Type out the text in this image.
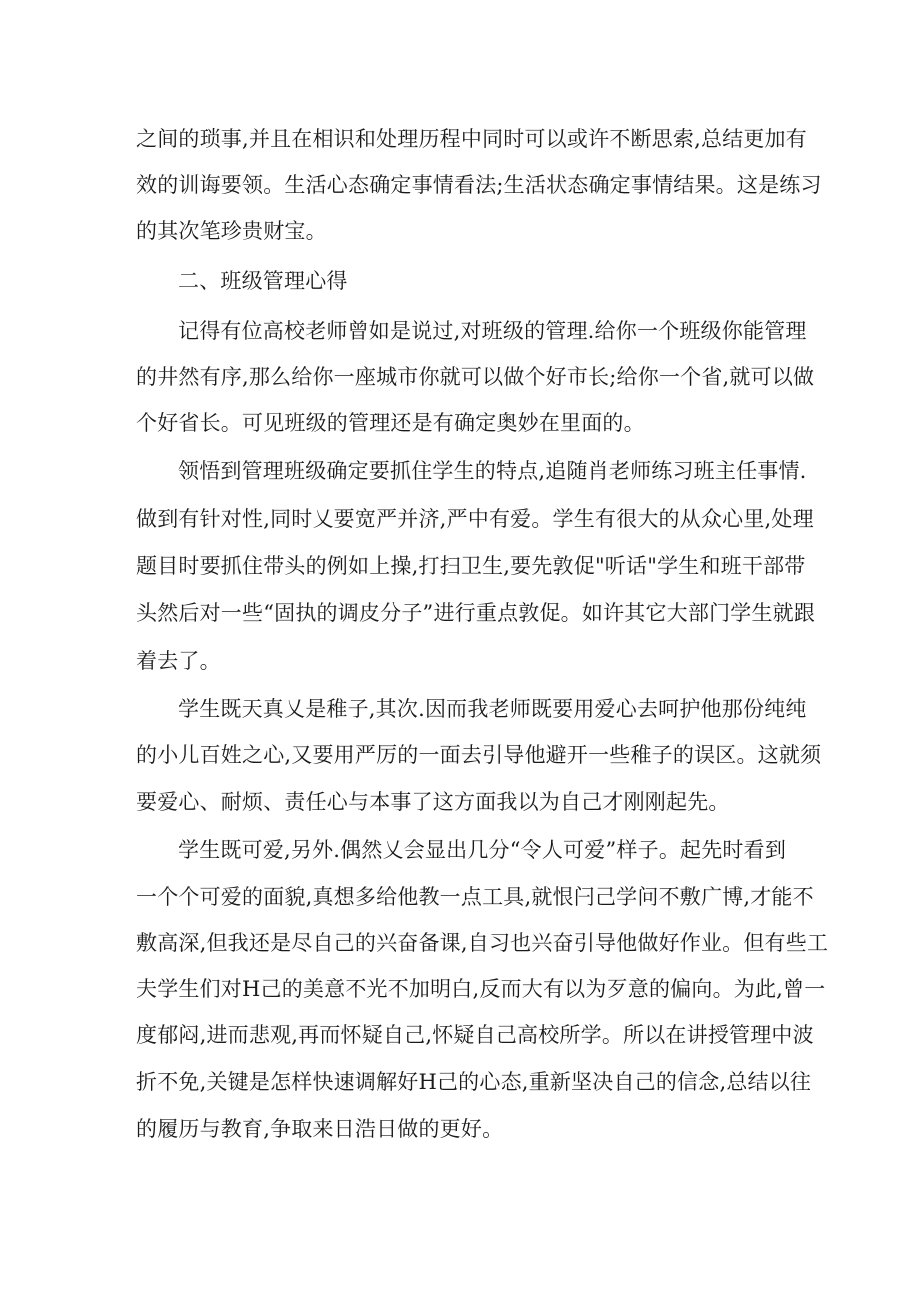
之间的琐事,并且在相识和处理历程中同时可以或许不断思索,总结更加有
效的训诲要领。生活心态确定事情看法;生活状态确定事情结果。这是练习
的其次笔珍贵财宝。
二、班级管理心得
记得有位高校老师曾如是说过,对班级的管理.给你一个班级你能管理
的井然有序,那么给你一座城市你就可以做个好市长;给你一个省,就可以做
个好省长。可见班级的管理还是有确定奥妙在里面的。
领悟到管理班级确定要抓住学生的特点,追随肖老师练习班主任事情.
做到有针对性,同时乂要宽严并济,严中有爱。学生有很大的从众心里,处理
题目时要抓住带头的例如上操,打扫卫生,要先敦促"听话"学生和班干部带
头然后对一些“固执的调皮分子”进行重点敦促。如许其它大部门学生就跟
着去了。
学生既天真乂是稚子,其次.因而我老师既要用爱心去呵护他那份纯纯
的小儿百姓之心,又要用严厉的一面去引导他避开一些稚子的误区。这就须
要爱心、耐烦、责任心与本事了这方面我以为自己才刚刚起先。
学生既可爱,另外.偶然乂会显出几分“令人可爱”样子。起先时看到
一个个可爱的面貌,真想多给他教一点工具,就恨闩己学问不敷广博,才能不
敷高深,但我还是尽自己的兴奋备课,自习也兴奋引导他做好作业。但有些工
夫学生们对H己的美意不光不加明白,反而大有以为歹意的偏向。为此,曾一
度郁闷,进而悲观,再而怀疑自己,怀疑自己高校所学。所以在讲授管理中波
折不免,关键是怎样快速调解好H己的心态,重新坚决自己的信念,总结以往
的履历与教育,争取来日浩日做的更好。
